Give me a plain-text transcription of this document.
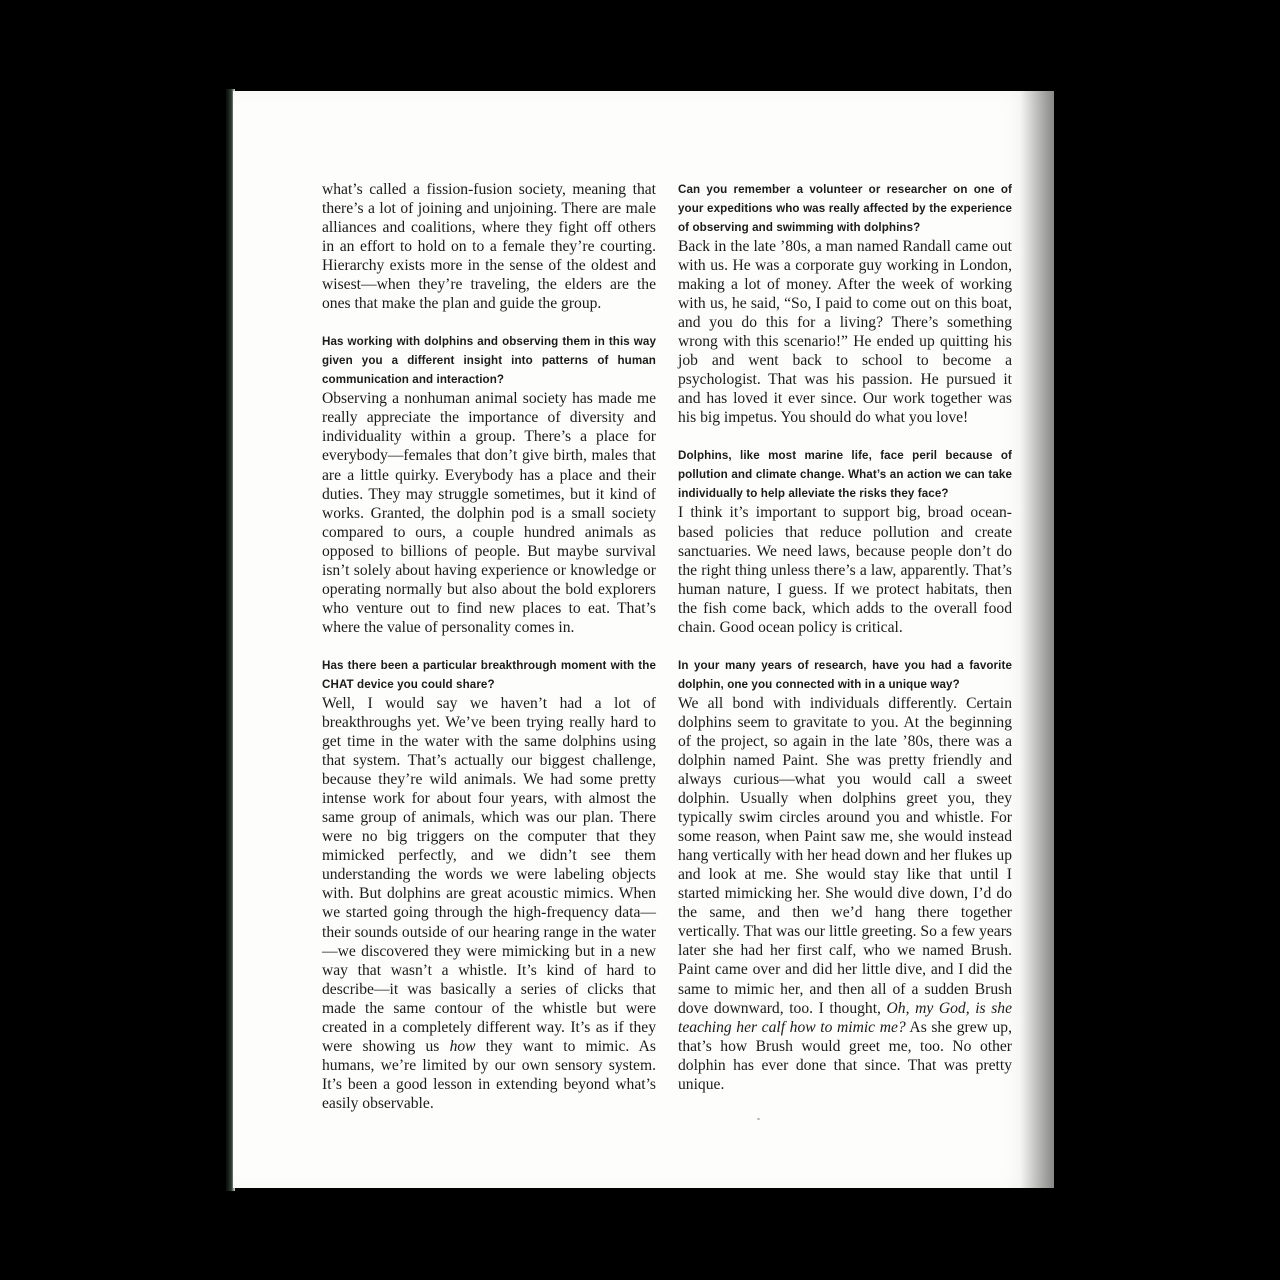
what’s called a fission-fusion society, meaning that there’s a lot of joining and unjoining. There are male alliances and coalitions, where they fight off others in an effort to hold on to a female they’re courting. Hierarchy exists more in the sense of the oldest and wisest—when they’re traveling, the elders are the ones that make the plan and guide the group.

Has working with dolphins and observing them in this way given you a different insight into patterns of human communication and interaction?

Observing a nonhuman animal society has made me really appreciate the importance of diversity and individuality within a group. There’s a place for everybody—females that don’t give birth, males that are a little quirky. Everybody has a place and their duties. They may struggle sometimes, but it kind of works. Granted, the dolphin pod is a small society compared to ours, a couple hundred animals as opposed to billions of people. But maybe survival isn’t solely about having experience or knowledge or operating normally but also about the bold explorers who venture out to find new places to eat. That’s where the value of personality comes in.

Has there been a particular breakthrough moment with the CHAT device you could share?

Well, I would say we haven’t had a lot of breakthroughs yet. We’ve been trying really hard to get time in the water with the same dolphins using that system. That’s actually our biggest challenge, because they’re wild animals. We had some pretty intense work for about four years, with almost the same group of animals, which was our plan. There were no big triggers on the computer that they mimicked perfectly, and we didn’t see them understanding the words we were labeling objects with. But dolphins are great acoustic mimics. When we started going through the high-frequency data—their sounds outside of our hearing range in the water—we discovered they were mimicking but in a new way that wasn’t a whistle. It’s kind of hard to describe—it was basically a series of clicks that made the same contour of the whistle but were created in a completely different way. It’s as if they were showing us how they want to mimic. As humans, we’re limited by our own sensory system. It’s been a good lesson in extending beyond what’s easily observable.

Can you remember a volunteer or researcher on one of your expeditions who was really affected by the experience of observing and swimming with dolphins?

Back in the late ’80s, a man named Randall came out with us. He was a corporate guy working in London, making a lot of money. After the week of working with us, he said, “So, I paid to come out on this boat, and you do this for a living? There’s something wrong with this scenario!” He ended up quitting his job and went back to school to become a psychologist. That was his passion. He pursued it and has loved it ever since. Our work together was his big impetus. You should do what you love!

Dolphins, like most marine life, face peril because of pollution and climate change. What’s an action we can take individually to help alleviate the risks they face?

I think it’s important to support big, broad ocean-based policies that reduce pollution and create sanctuaries. We need laws, because people don’t do the right thing unless there’s a law, apparently. That’s human nature, I guess. If we protect habitats, then the fish come back, which adds to the overall food chain. Good ocean policy is critical.

In your many years of research, have you had a favorite dolphin, one you connected with in a unique way?

We all bond with individuals differently. Certain dolphins seem to gravitate to you. At the beginning of the project, so again in the late ’80s, there was a dolphin named Paint. She was pretty friendly and always curious—what you would call a sweet dolphin. Usually when dolphins greet you, they typically swim circles around you and whistle. For some reason, when Paint saw me, she would instead hang vertically with her head down and her flukes up and look at me. She would stay like that until I started mimicking her. She would dive down, I’d do the same, and then we’d hang there together vertically. That was our little greeting. So a few years later she had her first calf, who we named Brush. Paint came over and did her little dive, and I did the same to mimic her, and then all of a sudden Brush dove downward, too. I thought, Oh, my God, is she teaching her calf how to mimic me? As she grew up, that’s how Brush would greet me, too. No other dolphin has ever done that since. That was pretty unique.
